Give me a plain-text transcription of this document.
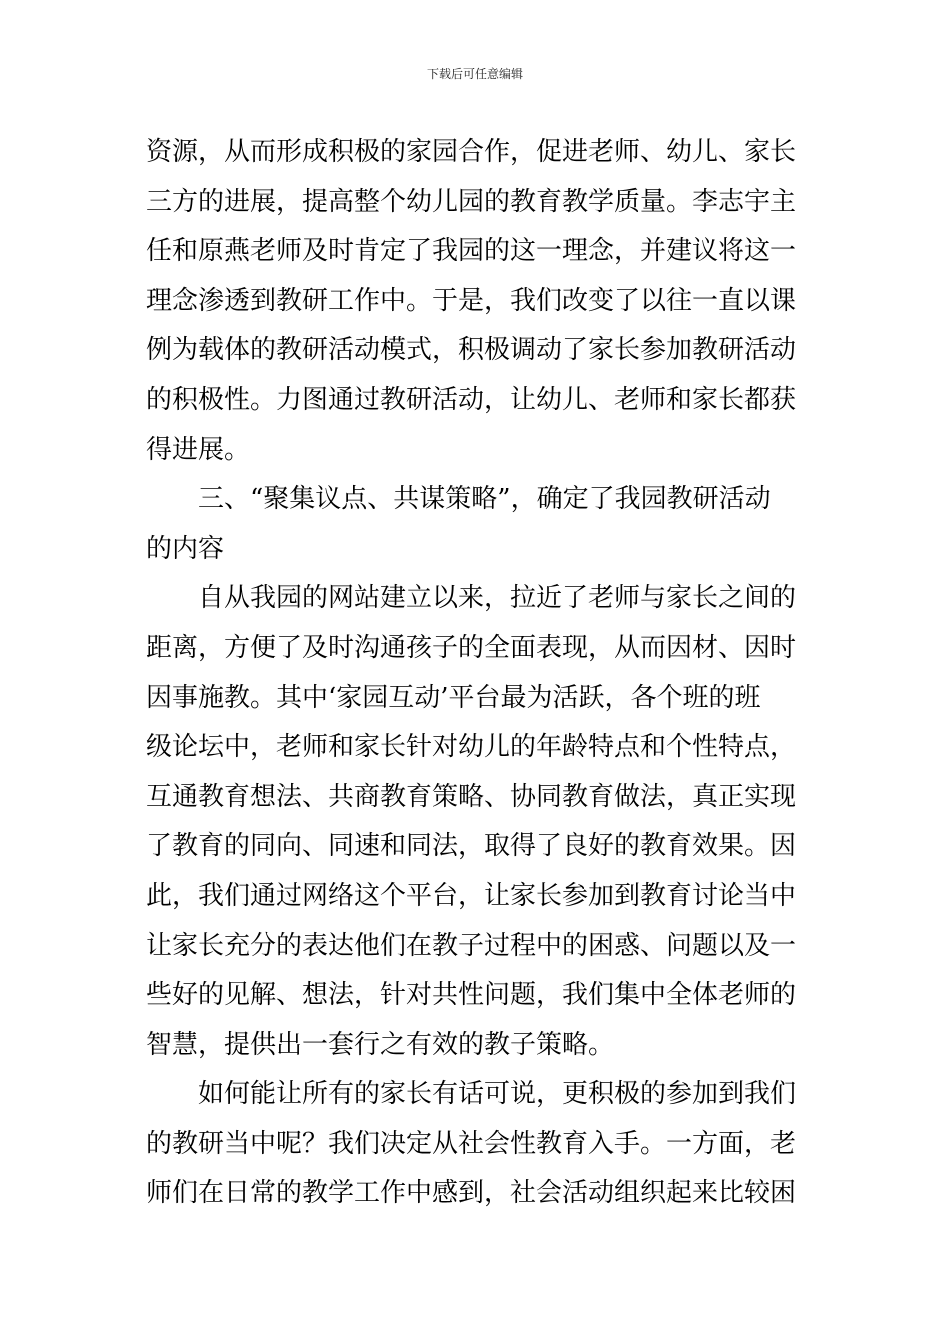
下载后可任意编辑
资源，从而形成积极的家园合作，促进老师、幼儿、家长
三方的进展，提高整个幼儿园的教育教学质量。李志宇主
任和原燕老师及时肯定了我园的这一理念，并建议将这一
理念渗透到教研工作中。于是，我们改变了以往一直以课
例为载体的教研活动模式，积极调动了家长参加教研活动
的积极性。力图通过教研活动，让幼儿、老师和家长都获
得进展。
三、“聚集议点、共谋策略”，确定了我园教研活动
的内容
自从我园的网站建立以来，拉近了老师与家长之间的
距离，方便了及时沟通孩子的全面表现，从而因材、因时
因事施教。其中‘家园互动’平台最为活跃，各个班的班
级论坛中，老师和家长针对幼儿的年龄特点和个性特点，
互通教育想法、共商教育策略、协同教育做法，真正实现
了教育的同向、同速和同法，取得了良好的教育效果。因
此，我们通过网络这个平台，让家长参加到教育讨论当中
让家长充分的表达他们在教子过程中的困惑、问题以及一
些好的见解、想法，针对共性问题，我们集中全体老师的
智慧，提供出一套行之有效的教子策略。
如何能让所有的家长有话可说，更积极的参加到我们
的教研当中呢？我们决定从社会性教育入手。一方面，老
师们在日常的教学工作中感到，社会活动组织起来比较困
